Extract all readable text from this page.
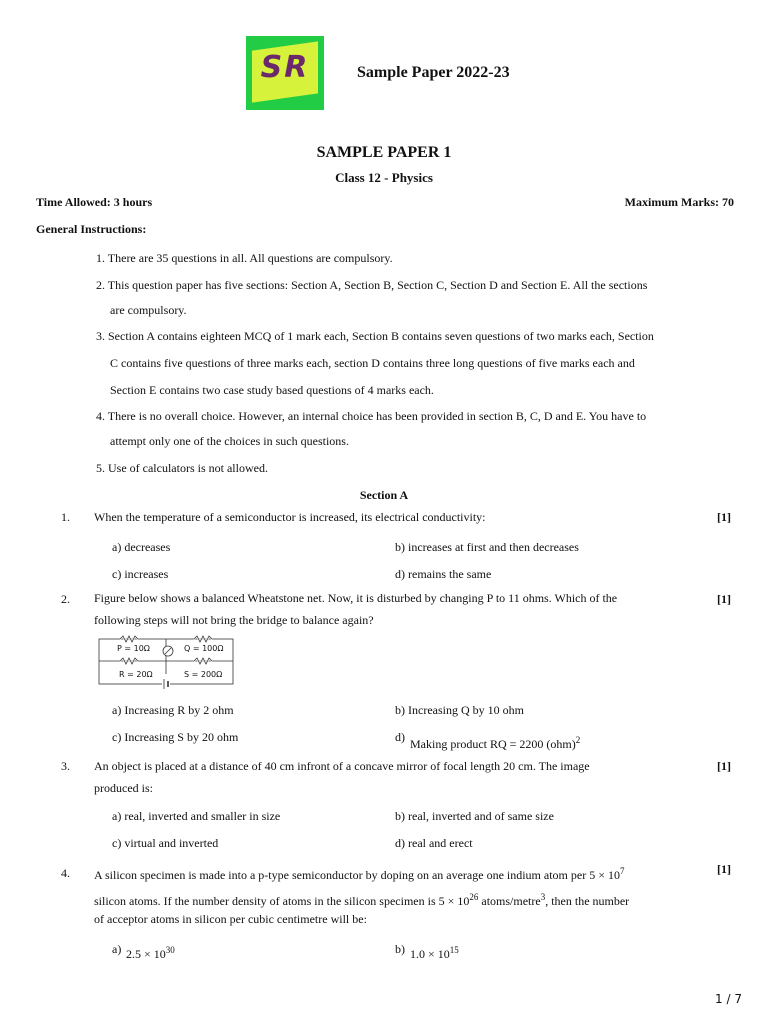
SR	Sample Paper 2022-23
SAMPLE PAPER 1
Class 12 - Physics
Time Allowed: 3 hours	Maximum Marks: 70
General Instructions:
1. There are 35 questions in all. All questions are compulsory.
2. This question paper has five sections: Section A, Section B, Section C, Section D and Section E. All the sections
are compulsory.
3. Section A contains eighteen MCQ of 1 mark each, Section B contains seven questions of two marks each, Section
C contains five questions of three marks each, section D contains three long questions of five marks each and
Section E contains two case study based questions of 4 marks each.
4. There is no overall choice. However, an internal choice has been provided in section B, C, D and E. You have to
attempt only one of the choices in such questions.
5. Use of calculators is not allowed.
Section A
1. When the temperature of a semiconductor is increased, its electrical conductivity:	[1]
a) decreases	b) increases at first and then decreases
c) increases	d) remains the same
2. Figure below shows a balanced Wheatstone net. Now, it is disturbed by changing P to 11 ohms. Which of the
following steps will not bring the bridge to balance again?
[1]
P = 10Ω	Q = 100Ω
R = 20Ω	S = 200Ω
a) Increasing R by 2 ohm	b) Increasing Q by 10 ohm
c) Increasing S by 20 ohm	d) Making product RQ = 2200 (ohm)$^2$
3. An object is placed at a distance of 40 cm infront of a concave mirror of focal length 20 cm. The image
produced is:
[1]
a) real, inverted and smaller in size	b) real, inverted and of same size
c) virtual and inverted	d) real and erect
4. A silicon specimen is made into a p-type semiconductor by doping on an average one indium atom per $5 \times 10^7$
silicon atoms. If the number density of atoms in the silicon specimen is $5 \times 10^{26}$ atoms/metre$^3$, then the number
of acceptor atoms in silicon per cubic centimetre will be:
[1]
a) $2.5 \times 10^{30}$	b) $1.0 \times 10^{15}$
1 / 7
